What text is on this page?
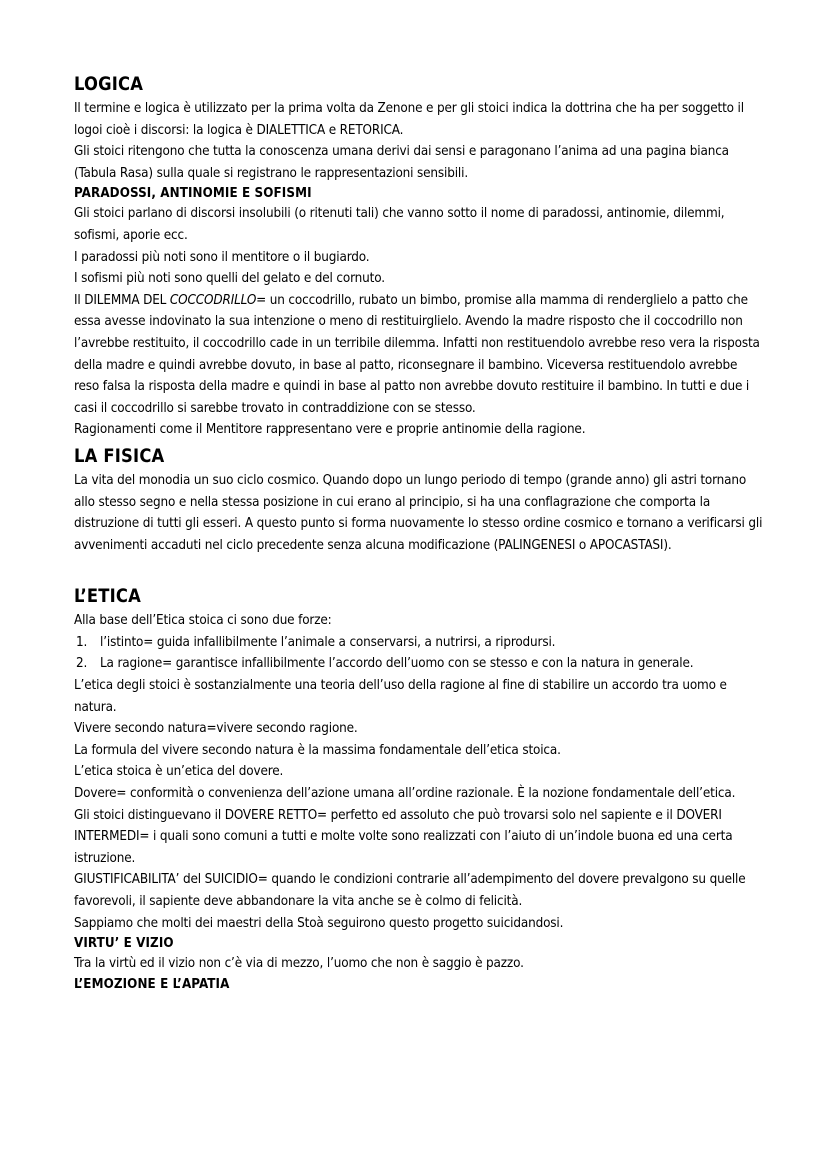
LOGICA

Il termine e logica è utilizzato per la prima volta da Zenone e per gli stoici indica la dottrina che ha per soggetto il logoi cioè i discorsi: la logica è DIALETTICA e RETORICA.

Gli stoici ritengono che tutta la conoscenza umana derivi dai sensi e paragonano l’anima ad una pagina bianca (Tabula Rasa) sulla quale si registrano le rappresentazioni sensibili.

PARADOSSI, ANTINOMIE E SOFISMI

Gli stoici parlano di discorsi insolubili (o ritenuti tali) che vanno sotto il nome di paradossi, antinomie, dilemmi, sofismi, aporie ecc.

I paradossi più noti sono il mentitore o il bugiardo.

I sofismi più noti sono quelli del gelato e del cornuto.

Il DILEMMA DEL COCCODRILLO= un coccodrillo, rubato un bimbo, promise alla mamma di renderglielo a patto che essa avesse indovinato la sua intenzione o meno di restituirglielo. Avendo la madre risposto che il coccodrillo non l’avrebbe restituito, il coccodrillo cade in un terribile dilemma. Infatti non restituendolo avrebbe reso vera la risposta della madre e quindi avrebbe dovuto, in base al patto, riconsegnare il bambino. Viceversa restituendolo avrebbe reso falsa la risposta della madre e quindi in base al patto non avrebbe dovuto restituire il bambino. In tutti e due i casi il coccodrillo si sarebbe trovato in contraddizione con se stesso.

Ragionamenti come il Mentitore rappresentano vere e proprie antinomie della ragione.

LA FISICA

La vita del monodia un suo ciclo cosmico. Quando dopo un lungo periodo di tempo (grande anno) gli astri tornano allo stesso segno e nella stessa posizione in cui erano al principio, si ha una conflagrazione che comporta la distruzione di tutti gli esseri. A questo punto si forma nuovamente lo stesso ordine cosmico e tornano a verificarsi gli avvenimenti accaduti nel ciclo precedente senza alcuna modificazione (PALINGENESI o APOCASTASI).

L’ETICA

Alla base dell’Etica stoica ci sono due forze:

1. l’istinto= guida infallibilmente l’animale a conservarsi, a nutrirsi, a riprodursi.
2. La ragione= garantisce infallibilmente l’accordo dell’uomo con se stesso e con la natura in generale.

L’etica degli stoici è sostanzialmente una teoria dell’uso della ragione al fine di stabilire un accordo tra uomo e natura.

Vivere secondo natura=vivere secondo ragione.

La formula del vivere secondo natura è la massima fondamentale dell’etica stoica.

L’etica stoica è un’etica del dovere.

Dovere= conformità o convenienza dell’azione umana all’ordine razionale. È la nozione fondamentale dell’etica.

Gli stoici distinguevano il DOVERE RETTO= perfetto ed assoluto che può trovarsi solo nel sapiente e il DOVERI INTERMEDI= i quali sono comuni a tutti e molte volte sono realizzati con l’aiuto di un’indole buona ed una certa istruzione.

GIUSTIFICABILITA’ del SUICIDIO= quando le condizioni contrarie all’adempimento del dovere prevalgono su quelle favorevoli, il sapiente deve abbandonare la vita anche se è colmo di felicità.

Sappiamo che molti dei maestri della Stoà seguirono questo progetto suicidandosi.

VIRTU’ E VIZIO

Tra la virtù ed il vizio non c’è via di mezzo, l’uomo che non è saggio è pazzo.

L’EMOZIONE E L’APATIA
